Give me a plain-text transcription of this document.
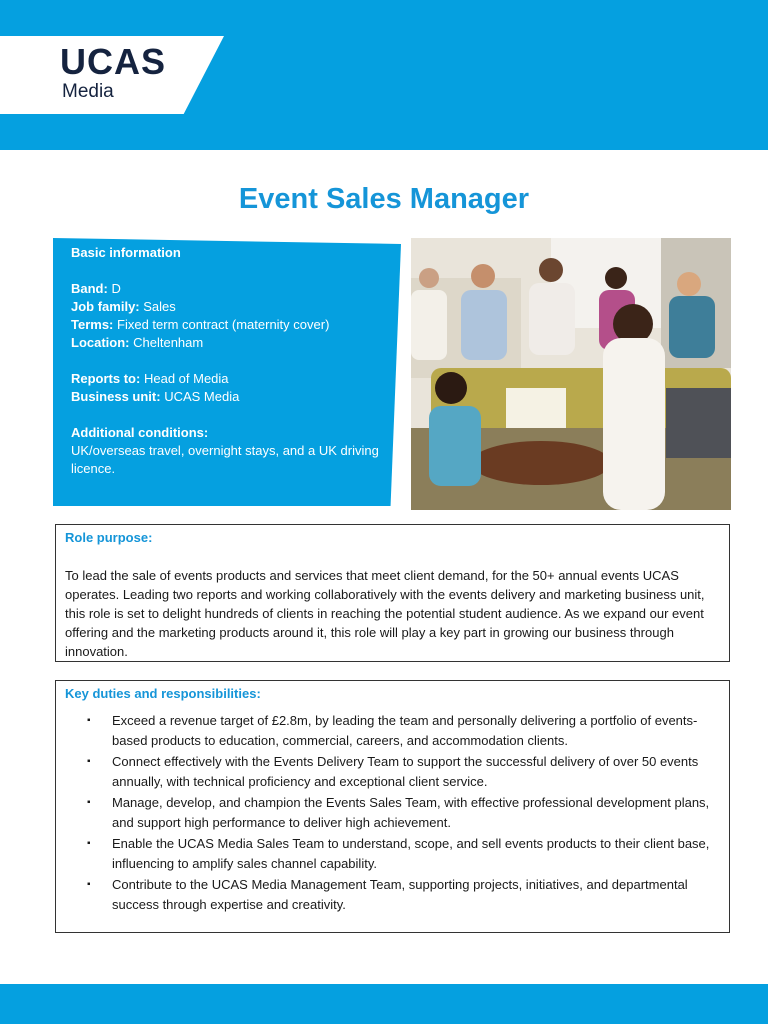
UCAS
Media
Event Sales Manager
Basic information
Band: D
Job family: Sales
Terms: Fixed term contract (maternity cover)
Location: Cheltenham
Reports to: Head of Media
Business unit: UCAS Media
Additional conditions:
UK/overseas travel, overnight stays, and a UK driving licence.
Role purpose:
To lead the sale of events products and services that meet client demand, for the 50+ annual events UCAS operates. Leading two reports and working collaboratively with the events delivery and marketing business unit, this role is set to delight hundreds of clients in reaching the potential student audience. As we expand our event offering and the marketing products around it, this role will play a key part in growing our business through innovation.
Key duties and responsibilities:
▪ Exceed a revenue target of £2.8m, by leading the team and personally delivering a portfolio of events-based products to education, commercial, careers, and accommodation clients.
▪ Connect effectively with the Events Delivery Team to support the successful delivery of over 50 events annually, with technical proficiency and exceptional client service.
▪ Manage, develop, and champion the Events Sales Team, with effective professional development plans, and support high performance to deliver high achievement.
▪ Enable the UCAS Media Sales Team to understand, scope, and sell events products to their client base, influencing to amplify sales channel capability.
▪ Contribute to the UCAS Media Management Team, supporting projects, initiatives, and departmental success through expertise and creativity.
